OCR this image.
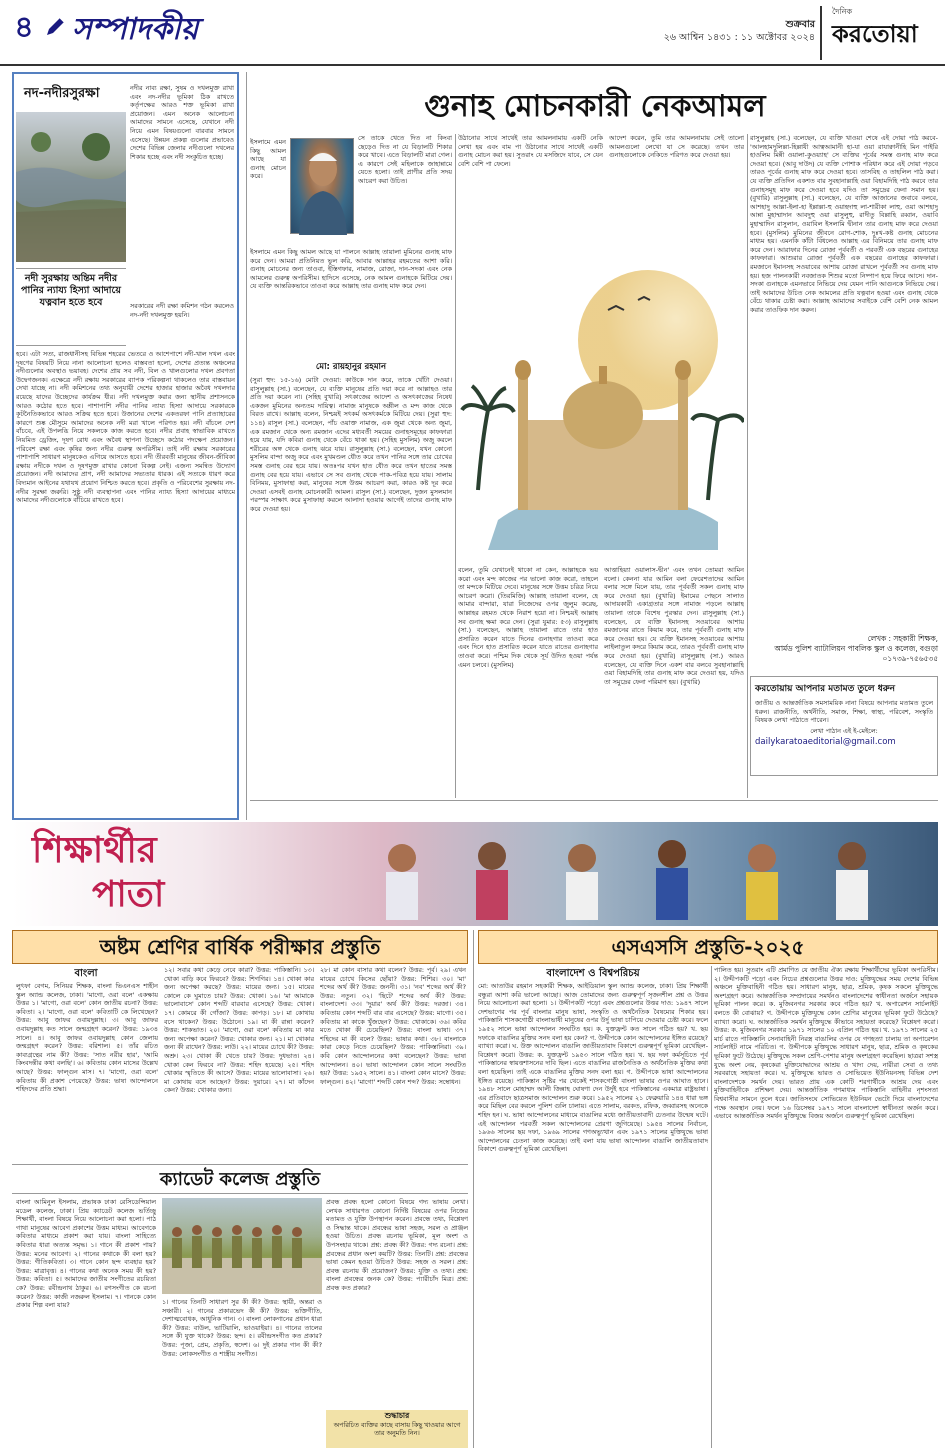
৪ সম্পাদকীয়	শুক্রবার
২৬ আশ্বিন ১৪৩১ : ১১ অক্টোবর ২০২৪
দৈনিক
করতোয়া
নদ-নদীরসুরক্ষা	নদীর নাব্য রক্ষা, সুষম ও দখলমুক্ত রাখা এবং নদ-নদীর ভূমিকা ঠিক রাখতে কর্তৃপক্ষের আরও শক্ত ভূমিকা রাখা প্রয়োজন। এমন অনেক আলোচনা আমাদের সামনে এসেছে, যেখানে নদী নিয়ে এমন বিষয়গুলো বারবার সামনে এসেছে। উন্নয়ন প্রকল্প গুলোর প্রভাবেও দেশের বিভিন্ন জেলার নদীগুলো দখলের শিকার হচ্ছে এবং নদী সংকুচিত হচ্ছে।
নদী সুরক্ষায় অন্তিম নদীর পানির ন্যায্য হিস্যা আদায়ে যত্নবান হতে হবে	সরকারের নদী রক্ষা কমিশন গঠন করলেও নদ-নদী দখলমুক্ত হয়নি।
হবে। এটা সত্য, রাজধানীসহ বিভিন্ন শহরের ভেতরে ও আশেপাশে নদী-খাল দখল এবং দূষণের বিষয়টি নিয়ে নানা আলোচনা হলেও বাস্তবতা হলো, দেশের প্রত্যন্ত অঞ্চলের নদীগুলোর অবস্থাও ভয়াবহ। দেশের প্রায় সব নদী, বিল ও খালগুলোর দখল প্রবণতা উদ্বেগজনক। এক্ষেত্রে নদী রক্ষায় সরকারের ব্যাপক পরিকল্পনা থাকলেও তার বাস্তবায়ন দেখা যাচ্ছে না। নদী কমিশনের তথ্য অনুযায়ী দেশের হাজার হাজার অবৈধ দখলদার রয়েছে যাদের উচ্ছেদের কার্যক্রম ধীর। নদী দখলমুক্ত করার জন্য স্থানীয় প্রশাসনকে আরও কঠোর হতে হবে। পাশাপাশি নদীর পানির ন্যায্য হিস্যা আদায়ে সরকারকে কূটনৈতিকভাবে আরও সক্রিয় হতে হবে। উজানের দেশের একতরফা পানি প্রত্যাহারের কারণে শুষ্ক মৌসুমে আমাদের অনেক নদী মরা খালে পরিণত হয়। নদী বাঁচলে দেশ বাঁচবে, এই উপলব্ধি নিয়ে সকলকে কাজ করতে হবে। নদীর প্রবাহ স্বাভাবিক রাখতে নিয়মিত ড্রেজিং, দূষণ রোধ এবং অবৈধ স্থাপনা উচ্ছেদে কঠোর পদক্ষেপ প্রয়োজন। পরিবেশ রক্ষা এবং কৃষির জন্য নদীর গুরুত্ব অপরিসীম। তাই নদী রক্ষায় সরকারের পাশাপাশি সাধারণ মানুষকেও এগিয়ে আসতে হবে। নদী তীরবর্তী মানুষের জীবন-জীবিকা রক্ষায় নদীকে দখল ও দূষণমুক্ত রাখার কোনো বিকল্প নেই। এজন্য সমন্বিত উদ্যোগ প্রয়োজন। নদী আমাদের প্রাণ, নদী আমাদের সভ্যতার ধারক। এই সত্যকে ধারণ করে বিদ্যমান আইনের যথাযথ প্রয়োগ নিশ্চিত করতে হবে। প্রকৃতি ও পরিবেশের সুরক্ষায় নদ-নদীর সুরক্ষা জরুরি। সুষ্ঠু নদী ব্যবস্থাপনা এবং পানির ন্যায্য হিস্যা আদায়ের মাধ্যমে আমাদের নদীগুলোকে বাঁচিয়ে রাখতে হবে।
গুনাহ মোচনকারী নেকআমল
ইসলামে এমন কিছু আমল আছে যা গুনাহ মোচন করে।
সে তাকে খেতে দিত না কিংবা ছেড়েও দিত না যে বিড়ালটি শিকার করে খাবে। এতে বিড়ালটি মারা গেল। এ কারণে সেই মহিলাকে জাহান্নামে যেতে হলো। তাই প্রাণীর প্রতি সদয় আচরণ করা উচিত।
ইসলামে এমন কিছু আমল আছে যা পালনে আল্লাহ তায়ালা মুমিনের গুনাহ মাফ করে দেন। আমরা প্রতিনিয়ত ভুল করি, আবার আল্লাহর রহমতের আশা করি। গুনাহ মোচনের জন্য তাওবা, ইস্তিগফার, নামাজ, রোজা, দান-সদকা এবং নেক আমলের গুরুত্ব অপরিসীম। হাদিসে এসেছে, নেক আমল গুনাহকে মিটিয়ে দেয়। যে ব্যক্তি আন্তরিকভাবে তাওবা করে আল্লাহ তার গুনাহ মাফ করে দেন।
মো: রায়হানুর রহমান
(সুরা হুদ: ১৫-১৬) মোটা দেওয়া: কাউকে দান করে, তাকে খোঁটা দেওয়া। রাসুলুল্লাহ (সা.) বলেছেন, যে ব্যক্তি মানুষের প্রতি দয়া করে না আল্লাহও তার প্রতি দয়া করেন না। (সহিহ বুখারি) সৎকাজের আদেশ ও অসৎকাজের নিষেধ একজন মুমিনের অন্যতম দায়িত্ব। নামাজ মানুষকে অশ্লীল ও মন্দ কাজ থেকে বিরত রাখে। আল্লাহ বলেন, নিশ্চয়ই সৎকর্ম অসৎকর্মকে মিটিয়ে দেয়। (সুরা হুদ: ১১৪) রাসুল (সা.) বলেছেন, পাঁচ ওয়াক্ত নামাজ, এক জুমা থেকে অন্য জুমা, এক রমজান থেকে অন্য রমজান এদের মধ্যবর্তী সময়ের গুনাহসমূহের কাফফারা হয়ে যায়, যদি কবিরা গুনাহ থেকে বেঁচে থাকা হয়। (সহিহ মুসলিম) অজু করলে শরীরের অঙ্গ থেকে গুনাহ ঝরে যায়। রাসুলুল্লাহ (সা.) বলেছেন, যখন কোনো মুসলিম বান্দা অজু করে এবং মুখমণ্ডল ধৌত করে তখন পানির সঙ্গে তার চোখের সমস্ত গুনাহ বের হয়ে যায়। অতঃপর যখন হাত ধৌত করে তখন হাতের সমস্ত গুনাহ বের হয়ে যায়। এভাবে সে সব গুনাহ থেকে পাক-পবিত্র হয়ে যায়। সালাম বিনিময়, মুসাফাহা করা, মানুষের সঙ্গে উত্তম আচরণ করা, কারও কষ্ট দূর করে দেওয়া এসবই গুনাহ মোচনকারী আমল। রাসুল (সা.) বলেছেন, দুজন মুসলমান পরস্পর সাক্ষাৎ করে মুসাফাহা করলে আলাদা হওয়ার আগেই তাদের গুনাহ মাফ করে দেওয়া হয়।
উঠানোর সাথে সাথেই তার আমলনামায় একটি নেকি লেখা হয় এবং বাম পা উঠানোর সাথে সাথেই একটি গুনাহ মোচন করা হয়। সুতরাং যে মসজিদে যাবে, সে যেন বেশি বেশি পা ফেলে।
আদেশ করেন, তুমি তার আমলনামায় সেই তালো আমলগুলো লেখো যা সে করেছে। তখন তার গুনাহগুলোকে নেকিতে পরিণত করে দেওয়া হয়।
রাসুলুল্লাহ (সা.) বলেছেন, যে ব্যক্তি খাওয়া শেষে এই দোয়া পাঠ করবে-'আলহামদুলিল্লা-হিল্লাযী আত্বআমানী হা-যা ওয়া রাযাক্বানীহি মিন গাইরি হাওলিম মিন্নী ওয়ালা-কুওয়্যাহ' সে ব্যক্তির পূর্বের সমস্ত গুনাহ মাফ করে দেওয়া হবে। (আবু দাউদ) যে ব্যক্তি পোশাক পরিধান করে এই দোয়া পড়বে তারও পূর্বের গুনাহ মাফ করে দেওয়া হবে। তাসবিহ ও তাহলিল পাঠ করা। যে ব্যক্তি প্রতিদিন একশত বার সুবহানাল্লাহি ওয়া বিহামদিহি পাঠ করবে তার গুনাহসমূহ মাফ করে দেওয়া হবে যদিও তা সমুদ্রের ফেনা সমান হয়। (বুখারি) রাসুলুল্লাহ (সা.) বলেছেন, যে ব্যক্তি আজানের জবাবে বলবে, আশহাদু আল্লা-ইলা-হা ইল্লাল্লা-হু ওয়াহদাহু লা-শারীকা লাহু, ওয়া আশহাদু আন্না মুহাম্মাদান আবদুহু ওয়া রাসুলুহু, রাদীতু বিল্লাহি রব্বান, ওয়াবি মুহাম্মাদিন রাসুলান, ওয়াবিল ইসলামি দ্বীনান তার গুনাহ মাফ করে দেওয়া হবে। (মুসলিম) মুমিনের জীবনে রোগ-শোক, দুঃখ-কষ্ট গুনাহ মোচনের মাধ্যম হয়। এমনকি কাঁটা বিঁধলেও আল্লাহ এর বিনিময়ে তার গুনাহ মাফ করে দেন। আরাফার দিনের রোজা পূর্ববর্তী ও পরবর্তী এক বছরের গুনাহের কাফফারা। আশুরার রোজা পূর্ববর্তী এক বছরের গুনাহের কাফফারা। রমজানে ইমানসহ সওয়াবের আশায় রোজা রাখলে পূর্ববর্তী সব গুনাহ মাফ হয়। হজ পালনকারী নবজাতক শিশুর মতো নিষ্পাপ হয়ে ফিরে আসে। দান-সদকা গুনাহকে এমনভাবে নিভিয়ে দেয় যেমন পানি আগুনকে নিভিয়ে দেয়। তাই আমাদের উচিত নেক আমলের প্রতি যত্নবান হওয়া এবং গুনাহ থেকে বেঁচে থাকার চেষ্টা করা। আল্লাহ আমাদের সবাইকে বেশি বেশি নেক আমল করার তাওফিক দান করুন।
বলেন, তুমি যেখানেই থাকো না কেন, আল্লাহকে ভয় করো এবং মন্দ কাজের পর ভালো কাজ করো, তাহলে তা মন্দকে মিটিয়ে দেবে। মানুষের সঙ্গে উত্তম চরিত্র নিয়ে আচরণ করো। (তিরমিজি) আল্লাহ তায়ালা বলেন, হে আমার বান্দারা, যারা নিজেদের ওপর জুলুম করেছ, আল্লাহর রহমত থেকে নিরাশ হয়ো না। নিশ্চয়ই আল্লাহ সব গুনাহ ক্ষমা করে দেন। (সুরা যুমার: ৫৩) রাসুলুল্লাহ (সা.) বলেছেন, আল্লাহ তায়ালা রাতে তার হাত প্রসারিত করেন যাতে দিনের গুনাহগার তাওবা করে এবং দিনে হাত প্রসারিত করেন যাতে রাতের গুনাহগার তাওবা করে। পশ্চিম দিক থেকে সূর্য উদিত হওয়া পর্যন্ত এমন চলবে। (মুসলিম)
আত্তাহিয়্যা ওয়ালাস-দ্বীন' এবং তখন তোমরা আমিন বলো। কেননা যার আমিন বলা ফেরেশতাদের আমিন বলার সঙ্গে মিলে যায়, তার পূর্ববর্তী সকল গুনাহ মাফ করে দেওয়া হয়। (বুখারি) ইমামের পেছনে সালাত আদায়কারী একাগ্রতার সঙ্গে নামাজ পড়লে আল্লাহ তায়ালা তাকে বিশেষ পুরস্কার দেন। রাসুলুল্লাহ (সা.) বলেছেন, যে ব্যক্তি ইমানসহ সওয়াবের আশায় রমজানের রাতে কিয়াম করে, তার পূর্ববর্তী গুনাহ মাফ করে দেওয়া হয়। যে ব্যক্তি ইমানসহ সওয়াবের আশায় লাইলাতুল কদরে কিয়াম করে, তারও পূর্ববর্তী গুনাহ মাফ করে দেওয়া হয়। (বুখারি) রাসুলুল্লাহ (সা.) আরও বলেছেন, যে ব্যক্তি দিনে একশ বার বলবে সুবহানাল্লাহি ওয়া বিহামদিহি তার গুনাহ মাফ করে দেওয়া হয়, যদিও তা সমুদ্রের ফেনা পরিমাণ হয়। (বুখারি)
লেখক : সহকারী শিক্ষক,
আর্মড পুলিশ ব্যাটালিয়ন পাবলিক স্কুল ও কলেজ, বগুড়া
০১৭৩৯-৭৫৬৫৩৫
করতোয়ায় আপনার মতামত তুলে ধরুন
জাতীয় ও আন্তর্জাতিক সমসাময়িক নানা বিষয়ে আপনার মতামত তুলে ধরুন। রাজনীতি, অর্থনীতি, সমাজ, শিক্ষা, স্বাস্থ্য, পরিবেশ, সংস্কৃতি বিষয়ক লেখা পাঠাতে পারেন।
লেখা পাঠান এই ই-মেইলে:
dailykaratoaeditorial@gmail.com
শিক্ষার্থীর
পাতা
অষ্টম শ্রেণির বার্ষিক পরীক্ষার প্রস্তুতি
বাংলা
লুৎফা বেগম, সিনিয়র শিক্ষক, বাংলা ভিএনএস শাহীন স্কুল অ্যান্ড কলেজ, ঢাকা। 'মাগো, ওরা বলে' একক্ষায় উত্তর ১। 'মাগো, ওরা বলে' কোন জাতীয় রচনা? উত্তর: কবিতা। ২। 'মাগো, ওরা বলে' কবিতাটি কে লিখেছেন? উত্তর: আবু জাফর ওবায়দুল্লাহ। ৩। আবু জাফর ওবায়দুল্লাহ কত সালে জন্মগ্রহণ করেন? উত্তর: ১৯৩৪ সালে। ৪। আবু জাফর ওবায়দুল্লাহ কোন জেলায় জন্মগ্রহণ করেন? উত্তর: বরিশাল। ৫। তাঁর রচিত কাব্যগ্রন্থের নাম কী? উত্তর: 'সাত নরীর হার', 'আমি কিংবদন্তীর কথা বলছি'। ৬। কবিতায় কোন মাসের উল্লেখ আছে? উত্তর: ফাল্গুন মাস। ৭। 'মাগো, ওরা বলে' কবিতায় কী প্রকাশ পেয়েছে? উত্তর: ভাষা আন্দোলনে শহিদদের প্রতি শ্রদ্ধা।
১২। সবার কথা কেড়ে নেবে কারা? উত্তর: পাকিস্তানি। ১৩। খোকা বাড়ি কবে ফিরবে? উত্তর: শিগগির। ১৪। খোকা কার জন্য অপেক্ষা করছে? উত্তর: মায়ের জন্য। ১৫। মায়ের কোলে কে ঘুমাতে চায়? উত্তর: খোকা। ১৬। 'মা আমাকে ভালোবাসে' কোন শব্দটি বারবার এসেছে? উত্তর: খোকা। ১৭। কোমরে কী গোঁজা? উত্তর: কাপড়। ১৮। মা কোথায় বসে থাকেন? উত্তর: উঠোনে। ১৯। মা কী রান্না করেন? উত্তর: শাকভাত। ২০। 'মাগো, ওরা বলে' কবিতায় মা কার জন্য অপেক্ষা করেন? উত্তর: খোকার জন্য। ২১। মা খোকার জন্য কী রাখেন? উত্তর: লাউ। ২২। মায়ের চোখে কী? উত্তর: অশ্রু। ২৩। খোকা কী খেতে চায়? উত্তর: দুধভাত। ২৪। খোকা কেন ফিরবে না? উত্তর: শহিদ হয়েছে। ২৫। শহিদ খোকার স্মৃতিতে কী আসে? উত্তর: মায়ের ভালোবাসা। ২৬। মা কোথায় বসে আছেন? উত্তর: দুয়ারে। ২৭। মা কাঁদেন কেন? উত্তর: খোকার জন্য।
২৮। মা কোন বাসার কথা বলেন? উত্তর: পূর্ব। ২৯। এখন মায়ের চোখে কিসের ছোঁয়া? উত্তর: শিশির। ৩০। 'মা' শব্দের অর্থ কী? উত্তর: জননী। ৩১। 'নব' শব্দের অর্থ কী? উত্তর: নতুন। ৩২। 'ছিটে' শব্দের অর্থ কী? উত্তর: বাংলাদেশ। ৩৩। 'দুয়ার' অর্থ কী? উত্তর: দরজা। ৩৪। কবিতায় কোন শব্দটি বার বার এসেছে? উত্তর: মাগো। ৩৫। কবিতায় মা কাকে খুঁজছেন? উত্তর: খোকাকে। ৩৬। কবির মতে খোকা কী চেয়েছিল? উত্তর: বাংলা ভাষা। ৩৭। শহিদের মা কী বলে? উত্তর: ভাষার কথা। ৩৮। বাংলাকে কারা কেড়ে নিতে চেয়েছিল? উত্তর: পাকিস্তানিরা। ৩৯। কবি কোন আন্দোলনের কথা বলেছেন? উত্তর: ভাষা আন্দোলন। ৪০। ভাষা আন্দোলন কোন সালে সংঘটিত হয়? উত্তর: ১৯৫২ সালে। ৪১। বাংলা কোন মাসে? উত্তর: ফাল্গুন। ৪২। 'মাগো' শব্দটি কোন শব্দ? উত্তর: সম্বোধন।
ক্যাডেট কলেজ প্রস্তুতি
বাংলা আমিনুল ইসলাম, প্রভাষক ঢাকা রেসিডেন্সিয়াল মডেল কলেজ, ঢাকা। প্রিয় ক্যাডেট কলেজ ভর্তিচ্ছু শিক্ষার্থী, বাংলা বিষয়ে নিয়ে আলোচনা করা হলো। পাঠ গাথা মানুষের আবেগ প্রকাশের উত্তম মাধ্যম। আবেগকে কবিতার মাধ্যমে প্রকাশ করা যায়। বাংলা সাহিত্যে কবিতার ধারা অত্যন্ত সমৃদ্ধ। ১। গানে কী প্রকাশ পায়? উত্তর: মনের আবেগ। ২। গানের কথাকে কী বলা হয়? উত্তর: গীতিকবিতা। ৩। গানে কোন ছন্দ ব্যবহার হয়? উত্তর: মাত্রাবৃত্ত। ৪। গানের কথা অনেক সময় কী হয়? উত্তর: কবিতা। ৫। আমাদের জাতীয় সংগীতের রচয়িতা কে? উত্তর: রবীন্দ্রনাথ ঠাকুর। ৬। রণসংগীত কে রচনা করেন? উত্তর: কাজী নজরুল ইসলাম। ৭। গানকে কোন প্রকার শিল্প বলা যায়?	১। গানের তিনটি সাধারণ সুর কী কী? উত্তর: স্থায়ী, অন্তরা ও সঞ্চারী। ২। গানের প্রকারভেদ কী কী? উত্তর: ভক্তিগীতি, দেশাত্মবোধক, আধুনিক গান। ৩। বাংলা লোকগানের প্রধান ধারা কী? উত্তর: বাউল, ভাটিয়ালি, ভাওয়াইয়া। ৪। গানের তালের সঙ্গে কী যুক্ত থাকে? উত্তর: ছন্দ। ৫। রবীন্দ্রসংগীত কত প্রকার? উত্তর: পূজা, প্রেম, প্রকৃতি, স্বদেশ। ৬। দুই প্রকার গান কী কী? উত্তর: লোকসংগীত ও শাস্ত্রীয় সংগীত।
প্রবন্ধ প্রবন্ধ হলো কোনো বিষয়ে গদ্য ভাষায় লেখা। লেখক সাধারণত কোনো নির্দিষ্ট বিষয়ের ওপর নিজের মতামত ও যুক্তি উপস্থাপন করেন। প্রবন্ধে তথ্য, বিশ্লেষণ ও সিদ্ধান্ত থাকে। প্রবন্ধের ভাষা সহজ, সরল ও প্রাঞ্জল হওয়া উচিত। প্রবন্ধ রচনায় ভূমিকা, মূল অংশ ও উপসংহার থাকে। প্রশ্ন: প্রবন্ধ কী? উত্তর: গদ্য রচনা। প্রশ্ন: প্রবন্ধের প্রধান অংশ কয়টি? উত্তর: তিনটি। প্রশ্ন: প্রবন্ধের ভাষা কেমন হওয়া উচিত? উত্তর: সহজ ও সরল। প্রশ্ন: প্রবন্ধ রচনায় কী প্রয়োজন? উত্তর: যুক্তি ও তথ্য। প্রশ্ন: বাংলা প্রবন্ধের জনক কে? উত্তর: প্যারীচাঁদ মিত্র। প্রশ্ন: প্রবন্ধ কত প্রকার?
শুদ্ধাচার
অপরিচিত ব্যক্তির কাছে বাসায় কিছু খাওয়ার আগে তার অনুমতি নিন।
এসএসসি প্রস্তুতি-২০২৫
বাংলাদেশ ও বিশ্বপরিচয়
মো: আতাউর রহমান সহকারী শিক্ষক, আইডিয়াল স্কুল অ্যান্ড কলেজ, ঢাকা। প্রিয় শিক্ষার্থী বন্ধুরা আশা করি ভালো আছো। আজ তোমাদের জন্য গুরুত্বপূর্ণ সৃজনশীল প্রশ্ন ও উত্তর নিয়ে আলোচনা করা হলো। ১। উদ্দীপকটি পড়ো এবং প্রশ্নগুলোর উত্তর দাও: ১৯৪৭ সালে দেশভাগের পর পূর্ব বাংলার মানুষ ভাষা, সংস্কৃতি ও অর্থনৈতিক বৈষম্যের শিকার হয়। পাকিস্তানি শাসকগোষ্ঠী বাংলাভাষী মানুষের ওপর উর্দু ভাষা চাপিয়ে দেওয়ার চেষ্টা করে। ফলে ১৯৫২ সালে ভাষা আন্দোলন সংঘটিত হয়। ক. যুক্তফ্রন্ট কত সালে গঠিত হয়? খ. ছয় দফাকে বাঙালির মুক্তির সনদ বলা হয় কেন? গ. উদ্দীপকে কোন আন্দোলনের ইঙ্গিত রয়েছে? ব্যাখ্যা করো। ঘ. উক্ত আন্দোলন বাঙালি জাতীয়তাবাদ বিকাশে গুরুত্বপূর্ণ ভূমিকা রেখেছিল- বিশ্লেষণ করো। উত্তর: ক. যুক্তফ্রন্ট ১৯৫৩ সালে গঠিত হয়। খ. ছয় দফা কর্মসূচিতে পূর্ব পাকিস্তানের স্বায়ত্তশাসনের দাবি ছিল। এতে বাঙালির রাজনৈতিক ও অর্থনৈতিক মুক্তির কথা বলা হয়েছিল। তাই একে বাঙালির মুক্তির সনদ বলা হয়। গ. উদ্দীপকে ভাষা আন্দোলনের ইঙ্গিত রয়েছে। পাকিস্তান সৃষ্টির পর থেকেই শাসকগোষ্ঠী বাংলা ভাষার ওপর আঘাত হানে। ১৯৪৮ সালে মোহাম্মদ আলী জিন্নাহ ঘোষণা দেন উর্দুই হবে পাকিস্তানের একমাত্র রাষ্ট্রভাষা। এর প্রতিবাদে ছাত্রসমাজ আন্দোলন শুরু করে। ১৯৫২ সালের ২১ ফেব্রুয়ারি ১৪৪ ধারা ভঙ্গ করে মিছিল বের করলে পুলিশ গুলি চালায়। এতে সালাম, বরকত, রফিক, জব্বারসহ অনেকে শহিদ হন। ঘ. ভাষা আন্দোলনের মাধ্যমে বাঙালির মধ্যে জাতীয়তাবাদী চেতনার উন্মেষ ঘটে। এই আন্দোলন পরবর্তী সকল আন্দোলনের প্রেরণা জুগিয়েছে। ১৯৫৪ সালের নির্বাচন, ১৯৬৬ সালের ছয় দফা, ১৯৬৯ সালের গণঅভ্যুত্থান এবং ১৯৭১ সালের মুক্তিযুদ্ধে ভাষা আন্দোলনের চেতনা কাজ করেছে। তাই বলা যায় ভাষা আন্দোলন বাঙালি জাতীয়তাবাদ বিকাশে গুরুত্বপূর্ণ ভূমিকা রেখেছিল।
পালিত হয়। সুতরাং এটি প্রমাণিত যে জাতীয় ঐক্য রক্ষায় শিক্ষার্থীদের ভূমিকা অপরিসীম। ২। উদ্দীপকটি পড়ো এবং নিচের প্রশ্নগুলোর উত্তর দাও: মুক্তিযুদ্ধের সময় দেশের বিভিন্ন অঞ্চলে মুক্তিবাহিনী গঠিত হয়। সাধারণ মানুষ, ছাত্র, শ্রমিক, কৃষক সকলে মুক্তিযুদ্ধে অংশগ্রহণ করে। আন্তর্জাতিক সম্প্রদায়ের সমর্থনও বাংলাদেশের স্বাধীনতা অর্জনে সহায়ক ভূমিকা পালন করে। ক. মুজিবনগর সরকার কবে গঠিত হয়? খ. অপারেশন সার্চলাইট বলতে কী বোঝায়? গ. উদ্দীপকে মুক্তিযুদ্ধে কোন শ্রেণির মানুষের ভূমিকা ফুটে উঠেছে? ব্যাখ্যা করো। ঘ. আন্তর্জাতিক সমর্থন মুক্তিযুদ্ধে কীভাবে সহায়তা করেছে? বিশ্লেষণ করো। উত্তর: ক. মুজিবনগর সরকার ১৯৭১ সালের ১০ এপ্রিল গঠিত হয়। খ. ১৯৭১ সালের ২৫ মার্চ রাতে পাকিস্তানি সেনাবাহিনী নিরস্ত্র বাঙালির ওপর যে গণহত্যা চালায় তা অপারেশন সার্চলাইট নামে পরিচিত। গ. উদ্দীপকে মুক্তিযুদ্ধে সাধারণ মানুষ, ছাত্র, শ্রমিক ও কৃষকের ভূমিকা ফুটে উঠেছে। মুক্তিযুদ্ধে সকল শ্রেণি-পেশার মানুষ অংশগ্রহণ করেছিল। ছাত্ররা সশস্ত্র যুদ্ধে অংশ নেয়, কৃষকেরা মুক্তিযোদ্ধাদের আশ্রয় ও খাদ্য দেয়, নারীরা সেবা ও তথ্য সরবরাহে সহায়তা করে। ঘ. মুক্তিযুদ্ধে ভারত ও সোভিয়েত ইউনিয়নসহ বিভিন্ন দেশ বাংলাদেশকে সমর্থন দেয়। ভারত প্রায় এক কোটি শরণার্থীকে আশ্রয় দেয় এবং মুক্তিবাহিনীকে প্রশিক্ষণ দেয়। আন্তর্জাতিক গণমাধ্যম পাকিস্তানি বাহিনীর নৃশংসতা বিশ্ববাসীর সামনে তুলে ধরে। জাতিসংঘে সোভিয়েত ইউনিয়ন ভেটো দিয়ে বাংলাদেশের পক্ষে অবস্থান নেয়। ফলে ১৬ ডিসেম্বর ১৯৭১ সালে বাংলাদেশ স্বাধীনতা অর্জন করে। এভাবে আন্তর্জাতিক সমর্থন মুক্তিযুদ্ধে বিজয় অর্জনে গুরুত্বপূর্ণ ভূমিকা রেখেছিল।
